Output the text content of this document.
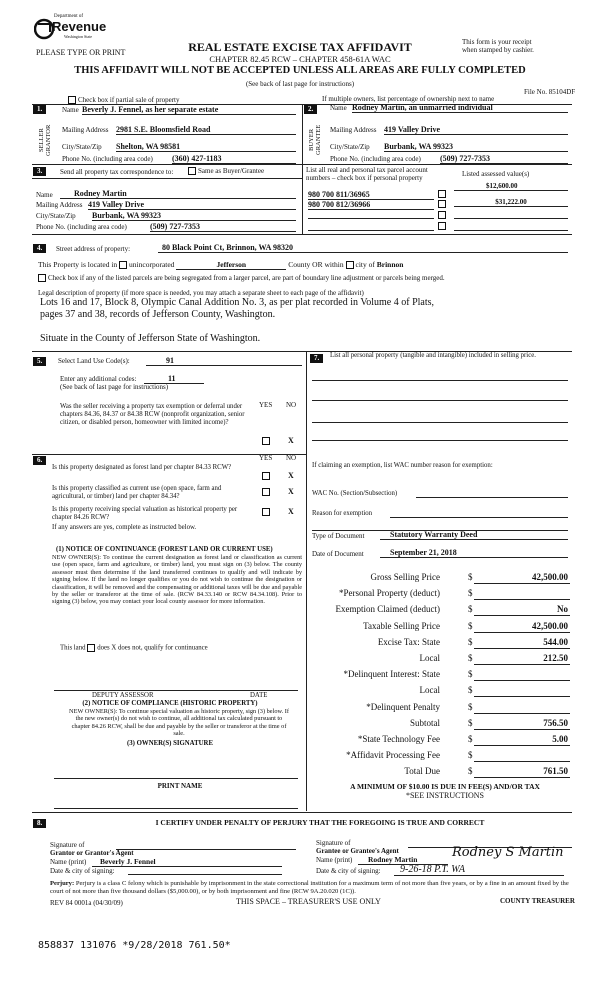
Department of
Revenue
Washington State
PLEASE TYPE OR PRINT	REAL ESTATE EXCISE TAX AFFIDAVIT
CHAPTER 82.45 RCW – CHAPTER 458-61A WAC
THIS AFFIDAVIT WILL NOT BE ACCEPTED UNLESS ALL AREAS ARE FULLY COMPLETED
(See back of last page for instructions)
This form is your receipt
when stamped by cashier.
Check box if partial sale of property	If multiple owners, list percentage of ownership next to name
File No. 85104DF
1.
SELLER GRANTOR
Name Beverly J. Fennel, as her separate estate
Mailing Address 2981 S.E. Bloomsfield Road
City/State/Zip Shelton, WA 98581
Phone No. (including area code) (360) 427-1183
2.
BUYER GRANTEE
Name Rodney Martin, an unmarried individual
Mailing Address 419 Valley Drive
City/State/Zip Burbank, WA 99323
Phone No. (including area code) (509) 727-7353
3.	Send all property tax correspondence to:	Same as Buyer/Grantee
Name	Rodney Martin
Mailing Address 419 Valley Drive
City/State/Zip Burbank, WA 99323
Phone No. (including area code)	(509) 727-7353
List all real and personal tax parcel account
numbers – check box if personal property	Listed assessed value(s)
980 700 811/36965
$12,600.00
980 700 812/36966	$31,222.00
4.	Street address of property:	80 Black Point Ct, Brinnon, WA 98320
This Property is located in unincorporated	Jefferson	County OR within city of Brinnon
Check box if any of the listed parcels are being segregated from a larger parcel, are part of boundary line adjustment or parcels being merged.
Legal description of property (if more space is needed, you may attach a separate sheet to each page of the affidavit)
Lots 16 and 17, Block 8, Olympic Canal Addition No. 3, as per plat recorded in Volume 4 of Plats,
pages 37 and 38, records of Jefferson County, Washington.
Situate in the County of Jefferson State of Washington.
5.	Select Land Use Code(s):	91
Enter any additional codes:	11
(See back of last page for instructions)
YES NO
Was the seller receiving a property tax exemption or deferral under chapters 84.36, 84.37 or 84.38 RCW (nonprofit organization, senior citizen, or disabled person, homeowner with limited income)?
X
6.	YES NO
Is this property designated as forest land per chapter 84.33 RCW?
X
Is this property classified as current use (open space, farm and agricultural, or timber) land per chapter 84.34?
X
Is this property receiving special valuation as historical property per chapter 84.26 RCW?
X
If any answers are yes, complete as instructed below.
(1) NOTICE OF CONTINUANCE (FOREST LAND OR CURRENT USE)
NEW OWNER(S): To continue the current designation as forest land or classification as current use (open space, farm and agriculture, or timber) land, you must sign on (3) below. The county assessor must then determine if the land transferred continues to qualify and will indicate by signing below. If the land no longer qualifies or you do not wish to continue the designation or classification, it will be removed and the compensating or additional taxes will be due and payable by the seller or transferor at the time of sale. (RCW 84.33.140 or RCW 84.34.108). Prior to signing (3) below, you may contact your local county assessor for more information.
This land does X does not, qualify for continuance
DEPUTY ASSESSOR	DATE
(2) NOTICE OF COMPLIANCE (HISTORIC PROPERTY)
NEW OWNER(S): To continue special valuation as historic property, sign (3) below. If the new owner(s) do not wish to continue, all additional tax calculated pursuant to chapter 84.26 RCW, shall be due and payable by the seller or transferor at the time of sale.
(3) OWNER(S) SIGNATURE
PRINT NAME
7.	List all personal property (tangible and intangible) included in selling price.
If claiming an exemption, list WAC number reason for exemption:
WAC No. (Section/Subsection)
Reason for exemption
Type of Document	Statutory Warranty Deed
Date of Document	September 21, 2018
Gross Selling Price	$	42,500.00
*Personal Property (deduct)	$
Exemption Claimed (deduct)	$	No
Taxable Selling Price	$	42,500.00
Excise Tax: State	$	544.00
Local	$	212.50
*Delinquent Interest: State	$
Local	$
*Delinquent Penalty	$
Subtotal	$	756.50
*State Technology Fee	$	5.00
*Affidavit Processing Fee	$
Total Due	$	761.50
A MINIMUM OF $10.00 IS DUE IN FEE(S) AND/OR TAX
*SEE INSTRUCTIONS
8.	I CERTIFY UNDER PENALTY OF PERJURY THAT THE FOREGOING IS TRUE AND CORRECT
Signature of
Grantor or Grantor's Agent
Name (print)	Beverly J. Fennel
Date & city of signing:
Signature of
Grantee or Grantee's Agent
Name (print)	Rodney Martin	Rodney S Martin
Date & city of signing:	9-26-18 P.T. WA
Perjury: Perjury is a class C felony which is punishable by imprisonment in the state correctional institution for a maximum term of not more than five years, or by a fine in an amount fixed by the court of not more than five thousand dollars ($5,000.00), or by both imprisonment and fine (RCW 9A.20.020 (1C)).
REV 84 0001a (04/30/09)	THIS SPACE – TREASURER'S USE ONLY	COUNTY TREASURER
858837 131076 *9/28/2018 761.50*
